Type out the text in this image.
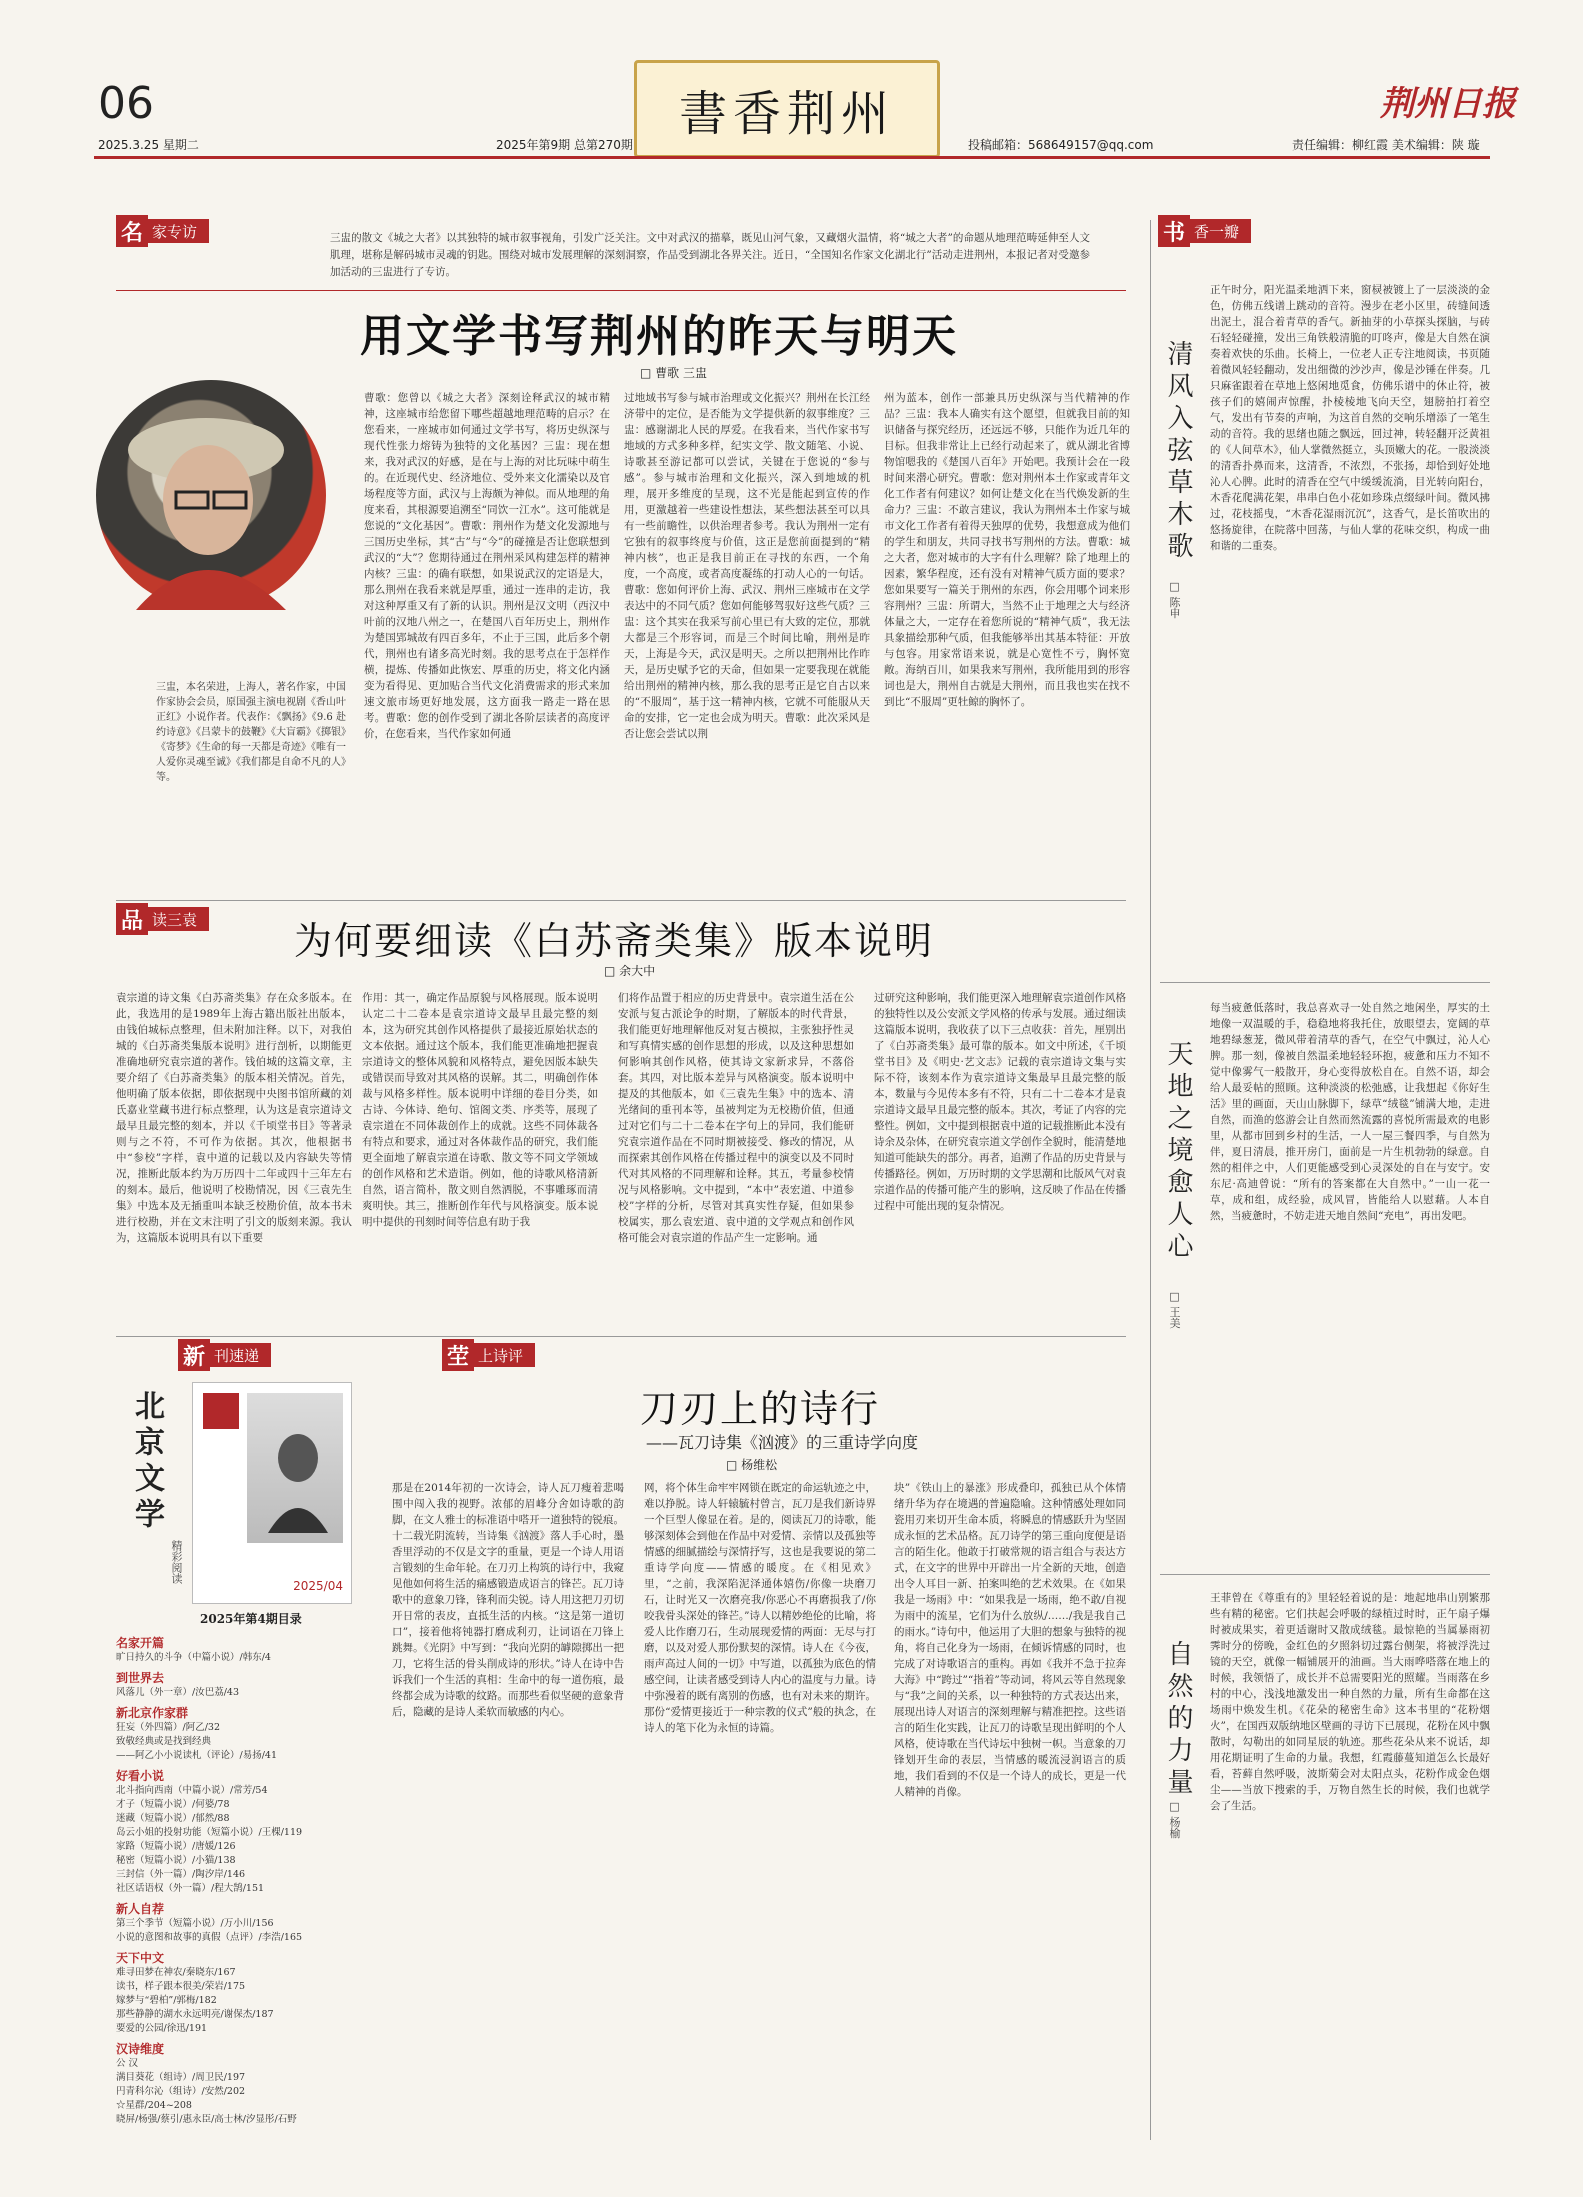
06
2025.3.25 星期二	2025年第9期 总第270期
書香荆州
投稿邮箱：568649157@qq.com
荆州日报
责任编辑：柳红霞 美术编辑：陕 璇
名 家专访	三盅的散文《城之大者》以其独特的城市叙事视角，引发广泛关注。文中对武汉的描摹，既见山河气象，又藏烟火温情，将“城之大者”的命题从地理范畴延伸至人文肌理，堪称是解码城市灵魂的钥匙。围绕对城市发展理解的深刻洞察，作品受到湖北各界关注。近日，“全国知名作家文化湖北行”活动走进荆州，本报记者对受邀参加活动的三盅进行了专访。
用文学书写荆州的昨天与明天
□ 曹歌 三盅
三盅，本名荣进，上海人，著名作家，中国作家协会会员，原国强主演电视剧《香山叶正红》小说作者。代表作：《飘扬》《9.6 赴约诗意》《吕蒙卡的鼓鞭》《大盲霸》《掷银》《寄梦》《生命的每一天都是奇迹》《唯有一人爱你灵魂至诚》《我们都是自命不凡的人》等。
曹歌：您曾以《城之大者》深刻诠释武汉的城市精神，这座城市给您留下哪些超越地理范畴的启示？在您看来，一座城市如何通过文学书写，将历史纵深与现代性张力熔铸为独特的文化基因？三盅：现在想来，我对武汉的好感，是在与上海的对比玩味中萌生的。在近现代史、经济地位、受外来文化濡染以及官场程度等方面，武汉与上海颇为神似。而从地理的角度来看，其根源要追溯至“同饮一江水”。这可能就是您说的“文化基因”。曹歌：荆州作为楚文化发源地与三国历史坐标，其“古”与“今”的碰撞是否让您联想到武汉的“大”？您期待通过在荆州采风构建怎样的精神内核？三盅：的确有联想，如果说武汉的定语是大，那么荆州在我看来就是厚重，通过一连串的走访，我对这种厚重又有了新的认识。荆州是汉文明（西汉中叶前的汉地八州之一，在楚国八百年历史上，荆州作为楚国郢城故有四百多年，不止于三国，此后多个朝代，荆州也有诸多高光时刻。我的思考点在于怎样作横，提炼、传播如此恢宏、厚重的历史，将文化内涵变为看得见、更加贴合当代文化消费需求的形式来加速文旅市场更好地发展，这方面我一路走一路在思考。曹歌：您的创作受到了湖北各阶层读者的高度评价，在您看来，当代作家如何通
过地域书写参与城市治理或文化振兴？荆州在长江经济带中的定位，是否能为文学提供新的叙事维度？三盅：感谢湖北人民的厚爱。在我看来，当代作家书写地域的方式多种多样，纪实文学、散文随笔、小说、诗歌甚至游记都可以尝试，关键在于您说的“参与感”。参与城市治理和文化振兴，深入到地域的机理，展开多维度的呈现，这不光是能起到宣传的作用，更激越着一些建设性想法，某些想法甚至可以具有一些前瞻性，以供治理者参考。我认为荆州一定有它独有的叙事终度与价值，这正是您前面提到的“精神内核”，也正是我目前正在寻找的东西，一个角度，一个高度，或者高度凝练的打动人心的一句话。曹歌：您如何评价上海、武汉、荆州三座城市在文学表达中的不同气质？您如何能够驾驭好这些气质？三盅：这个其实在我采写前心里已有大致的定位，那就大都是三个形容词，而是三个时间比喻，荆州是昨天，上海是今天，武汉是明天。之所以把荆州比作昨天，是历史赋予它的天命，但如果一定要我现在就能给出荆州的精神内核，那么我的思考正是它自古以来的“不服周”，基于这一精神内核，它就不可能服从天命的安排，它一定也会成为明天。曹歌：此次采风是否让您会尝试以荆
州为蓝本，创作一部兼具历史纵深与当代精神的作品？三盅：我本人确实有这个愿望，但就我目前的知识储备与探究经历，还远远不够，只能作为近几年的目标。但我非常让上已经行动起来了，就从湖北省博物馆嗯我的《楚国八百年》开始吧。我预计会在一段时间来潜心研究。曹歌：您对荆州本土作家或青年文化工作者有何建议？如何让楚文化在当代焕发新的生命力？三盅：不敢言建议，我认为荆州本土作家与城市文化工作者有着得天独厚的优势，我想意成为他们的学生和朋友，共同寻找书写荆州的方法。曹歌：城之大者，您对城市的大字有什么理解？除了地理上的因素，繁华程度，还有没有对精神气质方面的要求？您如果要写一篇关于荆州的东西，你会用哪个词来形容荆州？三盅：所谓大，当然不止于地理之大与经济体量之大，一定存在着您所说的“精神气质”，我无法具象描绘那种气质，但我能够举出其基本特征：开放与包容。用家常语来说，就是心宽性不亏，胸怀宽敞。海纳百川，如果我来写荆州，我所能用到的形容词也是大，荆州自古就是大荆州，而且我也实在找不到比“不服周”更牡鲸的胸怀了。
品 读三袁	为何要细读《白苏斋类集》版本说明
□ 余大中
袁宗道的诗文集《白苏斋类集》存在众多版本。在此，我选用的是1989年上海古籍出版社出版本，由钱伯城标点整理，但未附加注释。以下，对我伯城的《白苏斋类集版本说明》进行剖析，以期能更准确地研究袁宗道的著作。钱伯城的这篇文章，主要介绍了《白苏斋类集》的版本相关情况。首先，他明确了版本依据，即依据现中央图书馆所藏的刘氏嘉业堂藏书进行标点整理，认为这是袁宗道诗文最早且最完整的刻本，并以《千顷堂书目》等著录则与之不符，不可作为依据。其次，他根据书中“参校”字样，袁中道的记载以及内容缺失等情况，推断此版本约为万历四十二年或四十三年左右的刻本。最后，他说明了校勘情况，因《三袁先生集》中选本及无插重叫本缺乏校勘价值，故本书未进行校勘，并在文末注明了引文的版刻来源。我认为，这篇版本说明具有以下重要
作用：其一，确定作品原貌与风格展现。版本说明认定二十二卷本是袁宗道诗文最早且最完整的刻本，这为研究其创作风格提供了最接近原始状态的文本依据。通过这个版本，我们能更准确地把握袁宗道诗文的整体风貌和风格特点，避免因版本缺失或错误而导致对其风格的误解。其二，明确创作体裁与风格多样性。版本说明中详细的卷目分类，如古诗、今体诗、绝句、馆阁文类、序类等，展现了袁宗道在不同体裁创作上的成就。这些不同体裁各有特点和要求，通过对各体裁作品的研究，我们能更全面地了解袁宗道在诗歌、散文等不同文学领域的创作风格和艺术造诣。例如，他的诗歌风格清新自然，语言简朴，散文则自然洒脱，不事雕琢而清爽明快。其三，推断创作年代与风格演变。版本说明中提供的刊刻时间等信息有助于我
们将作品置于相应的历史背景中。袁宗道生活在公安派与复古派论争的时期，了解版本的时代背景，我们能更好地理解他反对复古模拟，主张独抒性灵和写真情实感的创作思想的形成，以及这种思想如何影响其创作风格，使其诗文家新求异，不落俗套。其四，对比版本差异与风格演变。版本说明中提及的其他版本，如《三袁先生集》中的选本、清光绪间的重刊本等，虽被判定为无校勘价值，但通过对它们与二十二卷本在字句上的异同，我们能研究袁宗道作品在不同时期被接受、修改的情况，从而探索其创作风格在传播过程中的演变以及不同时代对其风格的不同理解和诠释。其五，考量参校情况与风格影响。文中提到，“本中”表宏道、中道参校”字样的分析，尽管对其真实性存疑，但如果参校属实，那么袁宏道、袁中道的文学观点和创作风格可能会对袁宗道的作品产生一定影响。通
过研究这种影响，我们能更深入地理解袁宗道创作风格的独特性以及公安派文学风格的传承与发展。通过细读这篇版本说明，我收获了以下三点收获：首先，厘别出了《白苏斋类集》最可靠的版本。如文中所述，《千顷堂书目》及《明史·艺文志》记载的袁宗道诗文集与实际不符，该刻本作为袁宗道诗文集最早且最完整的版本，数量与今见传本多有不符，只有二十二卷本才是袁宗道诗文最早且最完整的版本。其次，考证了内容的完整性。例如，文中提到根据袁中道的记载推断此本没有诗余及杂体，在研究袁宗道文学创作全貌时，能清楚地知道可能缺失的部分。再者，追溯了作品的历史背景与传播路径。例如，万历时期的文学思潮和比版风气对袁宗道作品的传播可能产生的影响，这反映了作品在传播过程中可能出现的复杂情况。
新 刊速递
北京文学
精彩阅读
2025/04
2025年第4期目录
名家开篇
旷日持久的斗争（中篇小说）/韩东/4
到世界去
风落儿（外一章）/汝巴荔/43
新北京作家群
狂妄（外四篇）/阿乙/32
致敬经典或是找到经典
——阿乙小小说读札（评论）/易扬/41
好看小说
北斗指向西南（中篇小说）/常芳/54
才子（短篇小说）/何婆/78
迷藏（短篇小说）/郁然/88
岛云小姐的投射功能（短篇小说）/王棵/119
家路（短篇小说）/唐媛/126
秘密（短篇小说）/小猫/138
三封信（外一篇）/陶汐岸/146
社区话语权（外一篇）/程大鹄/151
新人自荐
第三个季节（短篇小说）/万小川/156
小说的意图和故事的真假（点评）/李浩/165
天下中文
难寻田梦在神农/秦晓东/167
读书，样子跟本很美/荣岩/175
嫁梦与“碧柏”/郭梅/182
那些静静的湖水永远明亮/谢保杰/187
要爱的公园/徐迅/191
汉诗维度
公 汉
满目葵花（组诗）/周卫民/197
円青科尔沁（组诗）/安然/202
☆星群/204~208
晓屏/杨强/蔡引/惠永臣/高士林/汐显彤/石野
茔 上诗评
刀刃上的诗行
——瓦刀诗集《汹渡》的三重诗学向度
□ 杨维松
那是在2014年初的一次诗会，诗人瓦刀瘦着悲喝围中闯入我的视野。浓郁的眉峰分舍如诗歌的韵脚，在文人雅士的标准语中嗒开一道独特的锐痕。十二载光阴流转，当诗集《汹渡》落人手心时，墨香里浮动的不仅是文字的重量，更是一个诗人用语言锻刻的生命年轮。在刀刃上构筑的诗行中，我窥见他如何将生活的痛感锻造成语言的锋芒。瓦刀诗歌中的意象刀锋，锋利而尖锐。诗人用这把刀刃切开日常的表皮，直抵生活的内核。“这是第一道切口”，接着他将钝器打磨成利刃，让词语在刀锋上跳舞。《光阴》中写到：“我向光阴的罅隙掷出一把刀，它将生活的骨头削成诗的形状。”诗人在诗中告诉我们一个生活的真相：生命中的每一道伤痕，最终都会成为诗歌的纹路。而那些看似坚硬的意象背后，隐藏的是诗人柔软而敏感的内心。
网，将个体生命牢牢网锁在既定的命运轨迹之中，难以挣脱。诗人轩辕毓村曾言，瓦刀是我们新诗界一个巨型人像显在着。是的，阅读瓦刀的诗歌，能够深刻体会到他在作品中对爱情、亲情以及孤独等情感的细腻描绘与深情抒写，这也是我要说的第二重诗学向度——情感的暖度。在《相见欢》里，“之前，我深陷泥泽通体嬉伤/你像一块磨刀石，让时光又一次磨亮我/你恶心不再磨损我了/你咬我骨头深处的锋芒。”诗人以精妙绝伦的比喻，将爱人比作磨刀石，生动展现爱情的两面：无尽与打磨，以及对爱人那份默契的深情。诗人在《今夜，雨声高过人间的一切》中写道，以孤独为底色的情感空间，让读者感受到诗人内心的温度与力量。诗中弥漫着的既有离别的伤感，也有对未来的期许。那份“爱情更接近于一种宗教的仪式”般的执念，在诗人的笔下化为永恒的诗篇。
块”《铁山上的暴涨》形成叠印，孤独已从个体情绪升华为存在境遇的普遍隐喻。这种情感处理如同瓷用刃来切开生命本质，将瞬息的情感跃升为坚固成永恒的艺术品格。瓦刀诗学的第三重向度便是语言的陌生化。他敢于打破常规的语言组合与表达方式，在文字的世界中开辟出一片全新的天地，创造出令人耳目一新、拍案叫绝的艺术效果。在《如果我是一场雨》中：“如果我是一场雨，绝不敢/自视为雨中的流星，它们为什么放纵/……/我是我自己的雨水。”诗句中，他运用了大胆的想象与独特的视角，将自己化身为一场雨，在倾诉情感的同时，也完成了对诗歌语言的重构。再如《我并不急于拉奔大海》中“跨过”“指着”等动词，将风云等自然现象与“我”之间的关系，以一种独特的方式表达出来，展现出诗人对语言的深刻理解与精准把控。这些语言的陌生化实践，让瓦刀的诗歌呈现出鲜明的个人风格，使诗歌在当代诗坛中独树一帜。当意象的刀锋划开生命的表层，当情感的暖流浸润语言的质地，我们看到的不仅是一个诗人的成长，更是一代人精神的肖像。
书 香一瓣
清风入弦草木歌
□ 陈申
正午时分，阳光温柔地洒下来，窗棂被镀上了一层淡淡的金色，仿佛五线谱上跳动的音符。漫步在老小区里，砖缝间透出泥土，混合着青草的香气。新抽芽的小草探头探脑，与砖石轻轻碰撞，发出三角铁般清脆的叮咚声，像是大自然在演奏着欢快的乐曲。长椅上，一位老人正专注地阅读，书页随着微风轻轻翻动，发出细微的沙沙声，像是沙锤在伴奏。几只麻雀跟着在草地上悠闲地觅食，仿佛乐谱中的休止符，被孩子们的嬉闹声惊醒，扑棱棱地飞向天空，翅膀拍打着空气，发出有节奏的声响，为这首自然的交响乐增添了一笔生动的音符。我的思绪也随之飘远，回过神，转轻翻开泛黄祖的《人间草木》，仙人掌微然挺立，头顶嫩大的花。一股淡淡的清香扑鼻而来，这清香，不浓烈，不张扬，却恰到好处地沁人心脾。此时的清香在空气中缓缓流淌，目光转向阳台，木香花爬满花架，串串白色小花如珍珠点缀绿叶间。微风拂过，花枝摇曳，“木香花湿雨沉沉”，这香气，是长笛吹出的悠扬旋律，在院落中回荡，与仙人掌的花味交织，构成一曲和谐的二重奏。
天地之境愈人心
□ 王美
每当疲惫低落时，我总喜欢寻一处自然之地闲坐，厚实的土地像一双温暖的手，稳稳地将我托住，放眼望去，宽阔的草地碧绿葱茏，微风带着清草的香气，在空气中飘过，沁人心脾。那一刻，像被自然温柔地轻轻环抱，疲惫和压力不知不觉中像雾气一般散开，身心变得放松自在。自然不语，却会给人最妥帖的照顾。这种淡淡的松弛感，让我想起《你好生活》里的画面，天山山脉脚下，绿草“绒毯”铺满大地，走进自然，而渔的悠游会让自然而然流露的喜悦所需最欢的电影里，从都市回到乡村的生活，一人一屋三餐四季，与自然为伴，夏日清晨，推开房门，面前是一片生机勃勃的绿意。自然的相伴之中，人们更能感受到心灵深处的自在与安宁。安东尼·高迪曾说：“所有的答案都在大自然中。”一山一花一草，成和组，成经验，成风冒，皆能给人以慰藉。人本自然，当疲惫时，不妨走进天地自然间“充电”，再出发吧。
自然的力量
□ 杨榆
王菲曾在《尊重有的》里轻轻着说的是：地起地串山别繁那些有精的秘密。它们扶起会呼吸的绿植过时时，正午扇子爆时被成果实，着更适谢时又散成绒毯。最惊艳的当属暴雨初霁时分的傍晚，金红色的夕照斜切过露台侧架，将被浮洗过镜的天空，就像一幅铺展开的油画。当大雨哗嗒落在地上的时候，我领悟了，成长并不总需要阳光的照耀。当雨落在乡村的中心，浅浅地激发出一种自然的力量，所有生命都在这场雨中焕发生机。《花朵的秘密生命》这本书里的“花粉烟火”，在国西双版纳地区壁画的寻访下已展现，花粉在风中飘散时，勾勒出的如同星辰的轨迹。那些花朵从来不说话，却用花期证明了生命的力量。我想，红霞藤蔓知道怎么长最好看，苔藓自然呼吸，波斯菊会对太阳点头，花粉作成金色烟尘——当放下搜索的手，万物自然生长的时候，我们也就学会了生活。
